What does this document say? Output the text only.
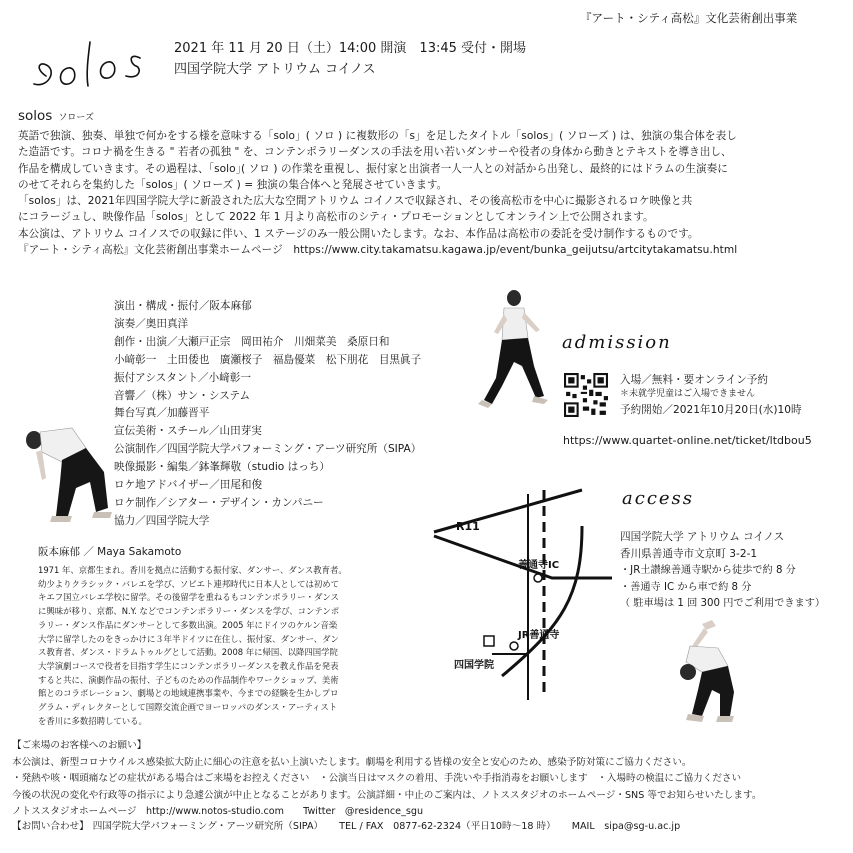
『アート・シティ高松』文化芸術創出事業
2021 年 11 月 20 日（土）14:00 開演　13:45 受付・開場
四国学院大学 アトリウム コイノス
solos ソローズ

英語で独演、独奏、単独で何かをする様を意味する「solo」( ソロ ) に複数形の「s」を足したタイトル「solos」( ソローズ ) は、独演の集合体を表し
た造語です。コロナ禍を生きる " 若者の孤独 " を、コンテンポラリーダンスの手法を用い若いダンサーや役者の身体から動きとテキストを導き出し、
作品を構成していきます。その過程は、｢solo｣( ソロ ) の作業を重視し、振付家と出演者一人一人との対話から出発し、最終的にはドラムの生演奏に
のせてそれらを集約した「solos」( ソローズ ) = 独演の集合体へと発展させていきます。
「solos」は、2021年四国学院大学に新設された広大な空間アトリウム コイノスで収録され、その後高松市を中心に撮影されるロケ映像と共
にコラージュし、映像作品「solos」として 2022 年 1 月より高松市のシティ・プロモーションとしてオンライン上で公開されます。
本公演は、アトリウム コイノスでの収録に伴い、1 ステージのみ一般公開いたします。なお、本作品は高松市の委託を受け制作するものです。
『アート・シティ高松』文化芸術創出事業ホームページ　https://www.city.takamatsu.kagawa.jp/event/bunka_geijutsu/artcitytakamatsu.html

演出・構成・振付／阪本麻郁
演奏／奥田真洋
創作・出演／大瀬戸正宗　岡田祐介　川畑菜美　桑原日和
小﨑彰一　土田倭也　廣瀬桜子　福島優菜　松下朋花　目黒眞子
振付アシスタント／小﨑彰一
音響／（株）サン・システム
舞台写真／加藤晋平
宣伝美術・スチール／山田芽実
公演制作／四国学院大学パフォーミング・アーツ研究所（SIPA）
映像撮影・編集／鉢峯輝敬（studio はっち）
ロケ地アドバイザー／田尾和俊
ロケ制作／シアター・デザイン・カンパニー
協力／四国学院大学
admission
入場／無料・要オンライン予約
＊未就学児童はご入場できません
予約開始／2021年10月20日(水)10時
https://www.quartet-online.net/ticket/ltdbou5
access
四国学院大学 アトリウム コイノス
香川県善通寺市文京町 3-2-1
・JR土讃線善通寺駅から徒歩で約 8 分
・善通寺 IC から車で約 8 分
（ 駐車場は 1 回 300 円でご利用できます）
R11
善通寺IC
JR善通寺
四国学院
阪本麻郁 ／ Maya Sakamoto

1971 年、京都生まれ。香川を拠点に活動する振付家、ダンサー、ダンス教育者。
幼少よりクラシック・バレエを学び、ソビエト連邦時代に日本人としては初めて
キエフ国立バレエ学校に留学。その後留学を重ねるもコンテンポラリー・ダンス
に興味が移り、京都、N.Y. などでコンテンポラリー・ダンスを学び、コンテンポ
ラリー・ダンス作品にダンサーとして多数出演。2005 年にドイツのケルン音楽
大学に留学したのをきっかけに３年半ドイツに在住し、振付家、ダンサー、ダン
ス教育者、ダンス・ドラムトゥルグとして活動。2008 年に帰国、以降四国学院
大学演劇コースで役者を目指す学生にコンテンポラリーダンスを教え作品を発表
すると共に、演劇作品の振付、子どものための作品制作やワークショップ、美術
館とのコラボレーション、劇場との地域連携事業や、今までの経験を生かしプロ
グラム・ディレクターとして国際交流企画でヨーロッパのダンス・アーティスト
を香川に多数招聘している。

【ご来場のお客様へのお願い】
本公演は、新型コロナウイルス感染拡大防止に細心の注意を払い上演いたします。劇場を利用する皆様の安全と安心のため、感染予防対策にご協力ください。
・発熱や咳・咽頭痛などの症状がある場合はご来場をお控えください　・公演当日はマスクの着用、手洗いや手指消毒をお願いします　・入場時の検温にご協力ください
今後の状況の変化や行政等の指示により急遽公演が中止となることがあります。公演詳細・中止のご案内は、ノトススタジオのホームページ・SNS 等でお知らせいたします。
ノトススタジオホームページ　http://www.notos-studio.com　　Twitter　@residence_sgu
【お問い合わせ】 四国学院大学パフォーミング・アーツ研究所（SIPA） TEL / FAX　0877-62-2324（平日10時～18 時） MAIL　sipa@sg-u.ac.jp
